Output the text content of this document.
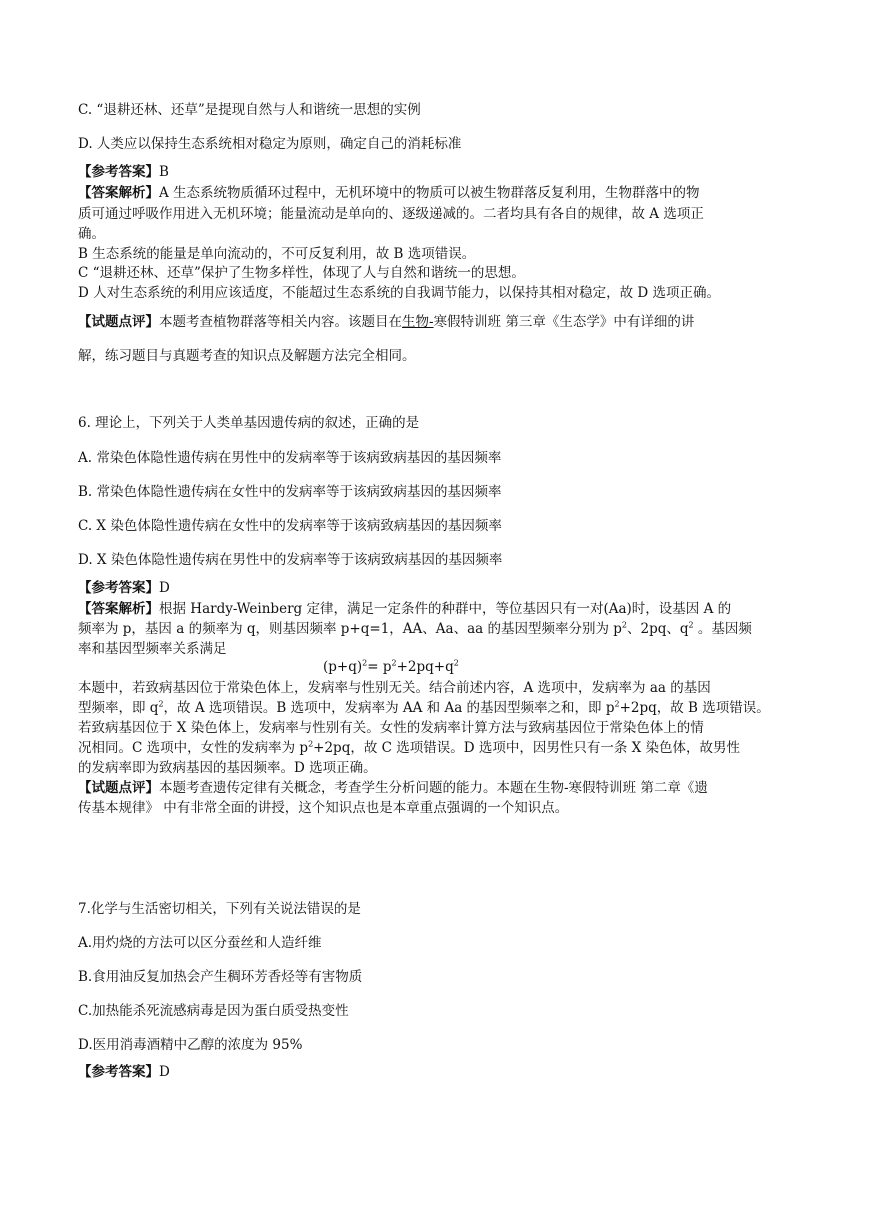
C. “退耕还林、还草”是提现自然与人和谐统一思想的实例
D. 人类应以保持生态系统相对稳定为原则，确定自己的消耗标准
【参考答案】B
【答案解析】A 生态系统物质循环过程中，无机环境中的物质可以被生物群落反复利用，生物群落中的物
质可通过呼吸作用进入无机环境；能量流动是单向的、逐级递减的。二者均具有各自的规律，故 A 选项正
确。
B 生态系统的能量是单向流动的，不可反复利用，故 B 选项错误。
C “退耕还林、还草”保护了生物多样性，体现了人与自然和谐统一的思想。
D 人对生态系统的利用应该适度，不能超过生态系统的自我调节能力，以保持其相对稳定，故 D 选项正确。
【试题点评】本题考查植物群落等相关内容。该题目在生物-寒假特训班 第三章《生态学》中有详细的讲
解，练习题目与真题考查的知识点及解题方法完全相同。
6. 理论上，下列关于人类单基因遗传病的叙述，正确的是
A. 常染色体隐性遗传病在男性中的发病率等于该病致病基因的基因频率
B. 常染色体隐性遗传病在女性中的发病率等于该病致病基因的基因频率
C. X 染色体隐性遗传病在女性中的发病率等于该病致病基因的基因频率
D. X 染色体隐性遗传病在男性中的发病率等于该病致病基因的基因频率
【参考答案】D
【答案解析】根据 Hardy-Weinberg 定律，满足一定条件的种群中，等位基因只有一对(Aa)时，设基因 A 的
频率为 p，基因 a 的频率为 q，则基因频率 p+q=1，AA、Aa、aa 的基因型频率分别为 $p^2$、2pq、$q^2$ 。基因频
率和基因型频率关系满足
$(p+q)^2= p^2+2pq+q^2$
本题中，若致病基因位于常染色体上，发病率与性别无关。结合前述内容，A 选项中，发病率为 aa 的基因
型频率，即 $q^2$，故 A 选项错误。B 选项中，发病率为 AA 和 Aa 的基因型频率之和，即 $p^2+2pq$，故 B 选项错误。
若致病基因位于 X 染色体上，发病率与性别有关。女性的发病率计算方法与致病基因位于常染色体上的情
况相同。C 选项中，女性的发病率为 $p^2+2pq$，故 C 选项错误。D 选项中，因男性只有一条 X 染色体，故男性
的发病率即为致病基因的基因频率。D 选项正确。
【试题点评】本题考查遗传定律有关概念，考查学生分析问题的能力。本题在生物-寒假特训班 第二章《遗
传基本规律》 中有非常全面的讲授，这个知识点也是本章重点强调的一个知识点。
7.化学与生活密切相关，下列有关说法错误的是
A.用灼烧的方法可以区分蚕丝和人造纤维
B.食用油反复加热会产生稠环芳香烃等有害物质
C.加热能杀死流感病毒是因为蛋白质受热变性
D.医用消毒酒精中乙醇的浓度为 95%
【参考答案】D
